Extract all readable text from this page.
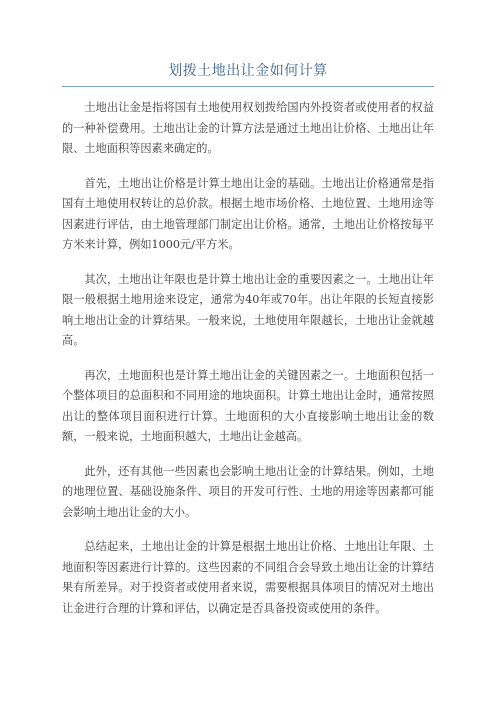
划拨土地出让金如何计算

土地出让金是指将国有土地使用权划拨给国内外投资者或使用者的权益的一种补偿费用。土地出让金的计算方法是通过土地出让价格、土地出让年限、土地面积等因素来确定的。

首先，土地出让价格是计算土地出让金的基础。土地出让价格通常是指国有土地使用权转让的总价款。根据土地市场价格、土地位置、土地用途等因素进行评估，由土地管理部门制定出让价格。通常，土地出让价格按每平方米来计算，例如1000元/平方米。

其次，土地出让年限也是计算土地出让金的重要因素之一。土地出让年限一般根据土地用途来设定，通常为40年或70年。出让年限的长短直接影响土地出让金的计算结果。一般来说，土地使用年限越长，土地出让金就越高。

再次，土地面积也是计算土地出让金的关键因素之一。土地面积包括一个整体项目的总面积和不同用途的地块面积。计算土地出让金时，通常按照出让的整体项目面积进行计算。土地面积的大小直接影响土地出让金的数额，一般来说，土地面积越大，土地出让金越高。

此外，还有其他一些因素也会影响土地出让金的计算结果。例如，土地的地理位置、基础设施条件、项目的开发可行性、土地的用途等因素都可能会影响土地出让金的大小。

总结起来，土地出让金的计算是根据土地出让价格、土地出让年限、土地面积等因素进行计算的。这些因素的不同组合会导致土地出让金的计算结果有所差异。对于投资者或使用者来说，需要根据具体项目的情况对土地出让金进行合理的计算和评估，以确定是否具备投资或使用的条件。
